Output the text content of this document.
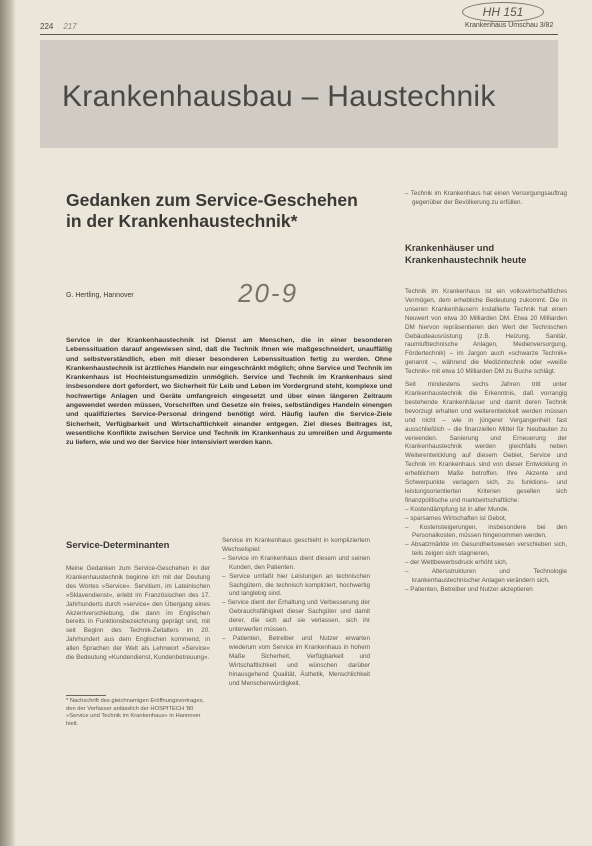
224 217
HH 151
Krankenhaus Umschau 3/82
Krankenhausbau – Haustechnik
Gedanken zum Service-Geschehen in der Krankenhaustechnik*
G. Hertling, Hannover	20-9
Service in der Krankenhaustechnik ist Dienst am Menschen, die in einer besonderen Lebenssituation darauf angewiesen sind, daß die Technik ihnen wie maßgeschneidert, unauffällig und selbstverständlich, eben mit dieser besonderen Lebenssituation fertig zu werden. Ohne Krankenhaustechnik ist ärztliches Handeln nur eingeschränkt möglich; ohne Service und Technik im Krankenhaus ist Hochleistungsmedizin unmöglich. Service und Technik im Krankenhaus sind insbesondere dort gefordert, wo Sicherheit für Leib und Leben im Vordergrund steht, komplexe und hochwertige Anlagen und Geräte umfangreich eingesetzt und über einen längeren Zeitraum angewendet werden müssen, Vorschriften und Gesetze ein freies, selbständiges Handeln einengen und qualifiziertes Service-Personal dringend benötigt wird. Häufig laufen die Service-Ziele Sicherheit, Verfügbarkeit und Wirtschaftlichkeit einander entgegen. Ziel dieses Beitrages ist, wesentliche Konflikte zwischen Service und Technik im Krankenhaus zu umreißen und Argumente zu liefern, wie und wo der Service hier intensiviert werden kann.
Service-Determinanten
Meine Gedanken zum Service-Geschehen in der Krankenhaustechnik beginne ich mit der Deutung des Wortes »Service«. Servitium, im Lateinischen »Sklavendienst«, erlebt im Französischen des 17. Jahrhunderts durch »service« den Übergang eines Akzentverschiebung, die dann im Englischen bereits in Funktionsbezeichnung geprägt und, mit seit Beginn des Technik-Zeitalters im 20. Jahrhundert aus dem Englischen kommend, in allen Sprachen der Welt als Lehnwort »Service« die Bedeutung »Kundendienst, Kundenbetreuung«.
* Nachschrift des gleichnamigen Eröffnungsvortrages, den der Verfasser anlässlich der HOSPITECH '80 »Service und Technik im Krankenhaus« in Hannover hielt.

Service im Krankenhaus geschieht in kompliziertem Wechselspiel:

– Service im Krankenhaus dient diesem und seinen Kunden, den Patienten.
– Service umfaßt hier Leistungen an technischen Sachgütern, die technisch kompliziert, hochwertig und langlebig sind.
– Service dient der Erhaltung und Verbesserung der Gebrauchsfähigkeit dieser Sachgüter und damit derer, die sich auf sie verlassen, sich ihr unterwerfen müssen.
– Patienten, Betreiber und Nutzer erwarten wiederum vom Service im Krankenhaus in hohem Maße Sicherheit, Verfügbarkeit und Wirtschaftlichkeit und wünschen darüber hinausgehend Qualität, Ästhetik, Menschlichkeit und Menschenwürdigkeit.
– Technik im Krankenhaus hat einen Versorgungsauftrag gegenüber der Bevölkerung zu erfüllen.
Krankenhäuser und Krankenhaustechnik heute

Technik im Krankenhaus ist ein volkswirtschaftliches Vermögen, dem erhebliche Bedeutung zukommt. Die in unseren Krankenhäusern installierte Technik hat einen Neuwert von etwa 30 Milliarden DM. Etwa 20 Milliarden DM hiervon repräsentieren den Wert der Technischen Gebäudeausrüstung (z.B. Heizung, Sanitär, raumlufttechnische Anlagen, Medienversorgung, Fördertechnik) – im Jargon auch »schwarze Technik« genannt –, während die Medizintechnik oder »weiße Technik« mit etwa 10 Milliarden DM zu Buche schlägt.

Seit mindestens sechs Jahren tritt unter Krankenhaustechnik die Erkenntnis, daß vorrangig bestehende Krankenhäuser und damit deren Technik bevorzugt erhalten und weiterentwickelt werden müssen und nicht – wie in jüngerer Vergangenheit fast ausschließlich – die finanziellen Mittel für Neubauten zu verwenden. Sanierung und Erneuerung der Krankenhaustechnik werden gleichfalls neben Weiterentwicklung auf diesem Gebiet, Service und Technik im Krankenhaus sind von dieser Entwicklung in erheblichem Maße betroffen. Ihre Akzente und Schwerpunkte verlagern sich, zu funktions- und leistungsorientierten Kriterien gesellen sich finanzpolitische und marktwirtschaftliche:

– Kostendämpfung ist in aller Munde,
– sparsames Wirtschaften ist Gebot,
– Kostensteigerungen, insbesondere bei den Personalkosten, müssen hingenommen werden,
– Absatzmärkte im Gesundheitswesen verschieben sich, teils zeigen sich stagnieren,
– der Wettbewerbsdruck erhöht sich,
– Altersstrukturen und Technologie krankenhaustechnischer Anlagen verändern sich,
– Patienten, Betreiber und Nutzer akzeptieren
